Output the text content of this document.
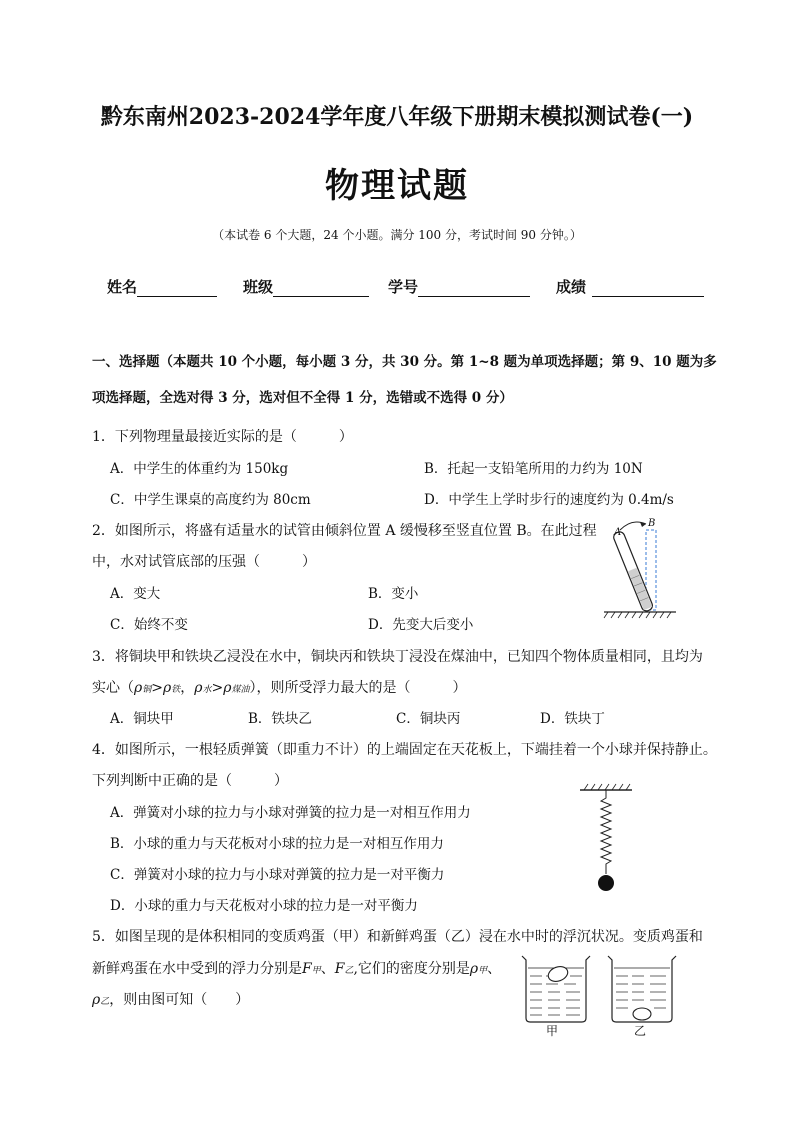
黔东南州2023-2024学年度八年级下册期末模拟测试卷(一)
物理试题
（本试卷 6 个大题，24 个小题。满分 100 分，考试时间 90 分钟。）
姓名	班级	学号	成绩
一、选择题（本题共 10 个小题，每小题 3 分，共 30 分。第 1~8 题为单项选择题；第 9、10 题为多
项选择题，全选对得 3 分，选对但不全得 1 分，选错或不选得 0 分）
1．下列物理量最接近实际的是（　　　）
A．中学生的体重约为 150kg	B．托起一支铅笔所用的力约为 10N
C．中学生课桌的高度约为 80cm	D．中学生上学时步行的速度约为 0.4m/s
2．如图所示，将盛有适量水的试管由倾斜位置 A 缓慢移至竖直位置 B。在此过程
中，水对试管底部的压强（　　　）
A．变大	B．变小
C．始终不变	D．先变大后变小
A
B
3．将铜块甲和铁块乙浸没在水中，铜块丙和铁块丁浸没在煤油中，已知四个物体质量相同，且均为
实心（ρ铜>ρ铁，ρ水>ρ煤油），则所受浮力最大的是（　　　）
A．铜块甲	B．铁块乙	C．铜块丙	D．铁块丁
4．如图所示，一根轻质弹簧（即重力不计）的上端固定在天花板上，下端挂着一个小球并保持静止。
下列判断中正确的是（　　　）
A．弹簧对小球的拉力与小球对弹簧的拉力是一对相互作用力
B．小球的重力与天花板对小球的拉力是一对相互作用力
C．弹簧对小球的拉力与小球对弹簧的拉力是一对平衡力
D．小球的重力与天花板对小球的拉力是一对平衡力
5．如图呈现的是体积相同的变质鸡蛋（甲）和新鲜鸡蛋（乙）浸在水中时的浮沉状况。变质鸡蛋和
新鲜鸡蛋在水中受到的浮力分别是F甲、F乙,它们的密度分别是ρ甲、
ρ乙，则由图可知（　　）
甲	乙
